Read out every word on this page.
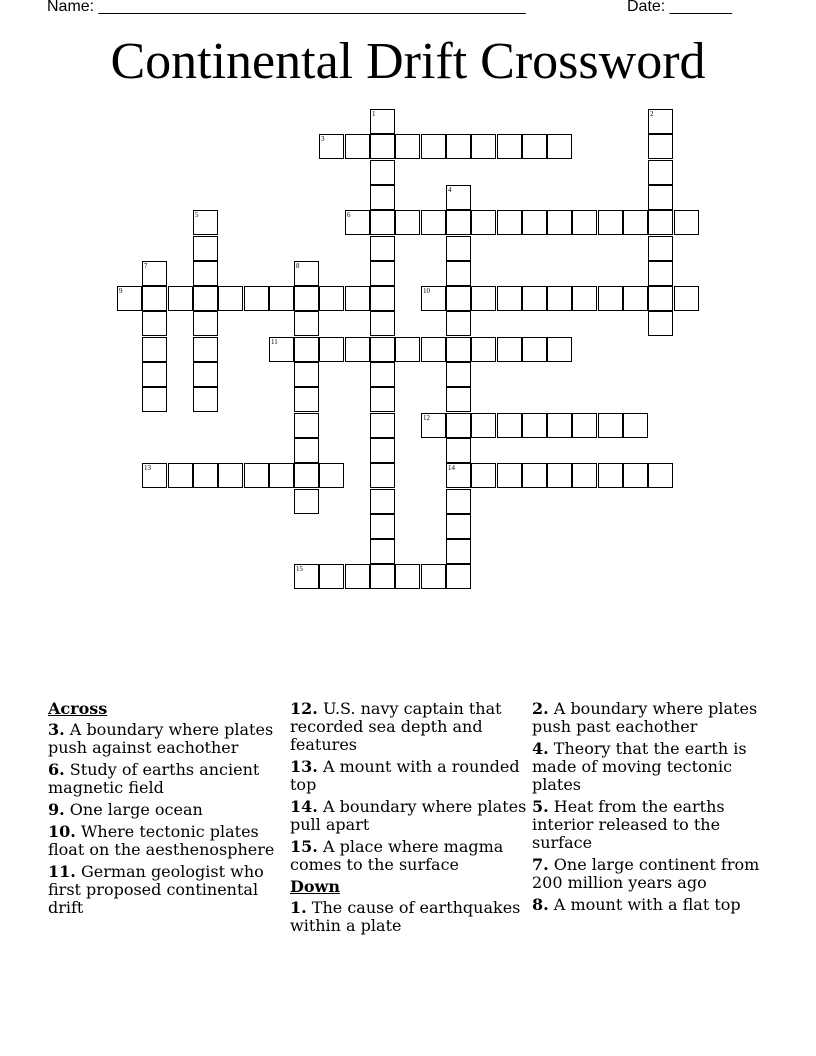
Name: ________________________________________________	Date: _______
Continental Drift Crossword
1	2
3
4
14
5	6
7	8
9	10
11
12
13
15
Across
3. A boundary where plates push against eachother
6. Study of earths ancient magnetic field
9. One large ocean
10. Where tectonic plates float on the aesthenosphere
11. German geologist who first proposed continental drift
12. U.S. navy captain that recorded sea depth and features
13. A mount with a rounded top
14. A boundary where plates pull apart
15. A place where magma comes to the surface
Down
1. The cause of earthquakes within a plate
2. A boundary where plates push past eachother
4. Theory that the earth is made of moving tectonic plates
5. Heat from the earths interior released to the surface
7. One large continent from 200 million years ago
8. A mount with a flat top
